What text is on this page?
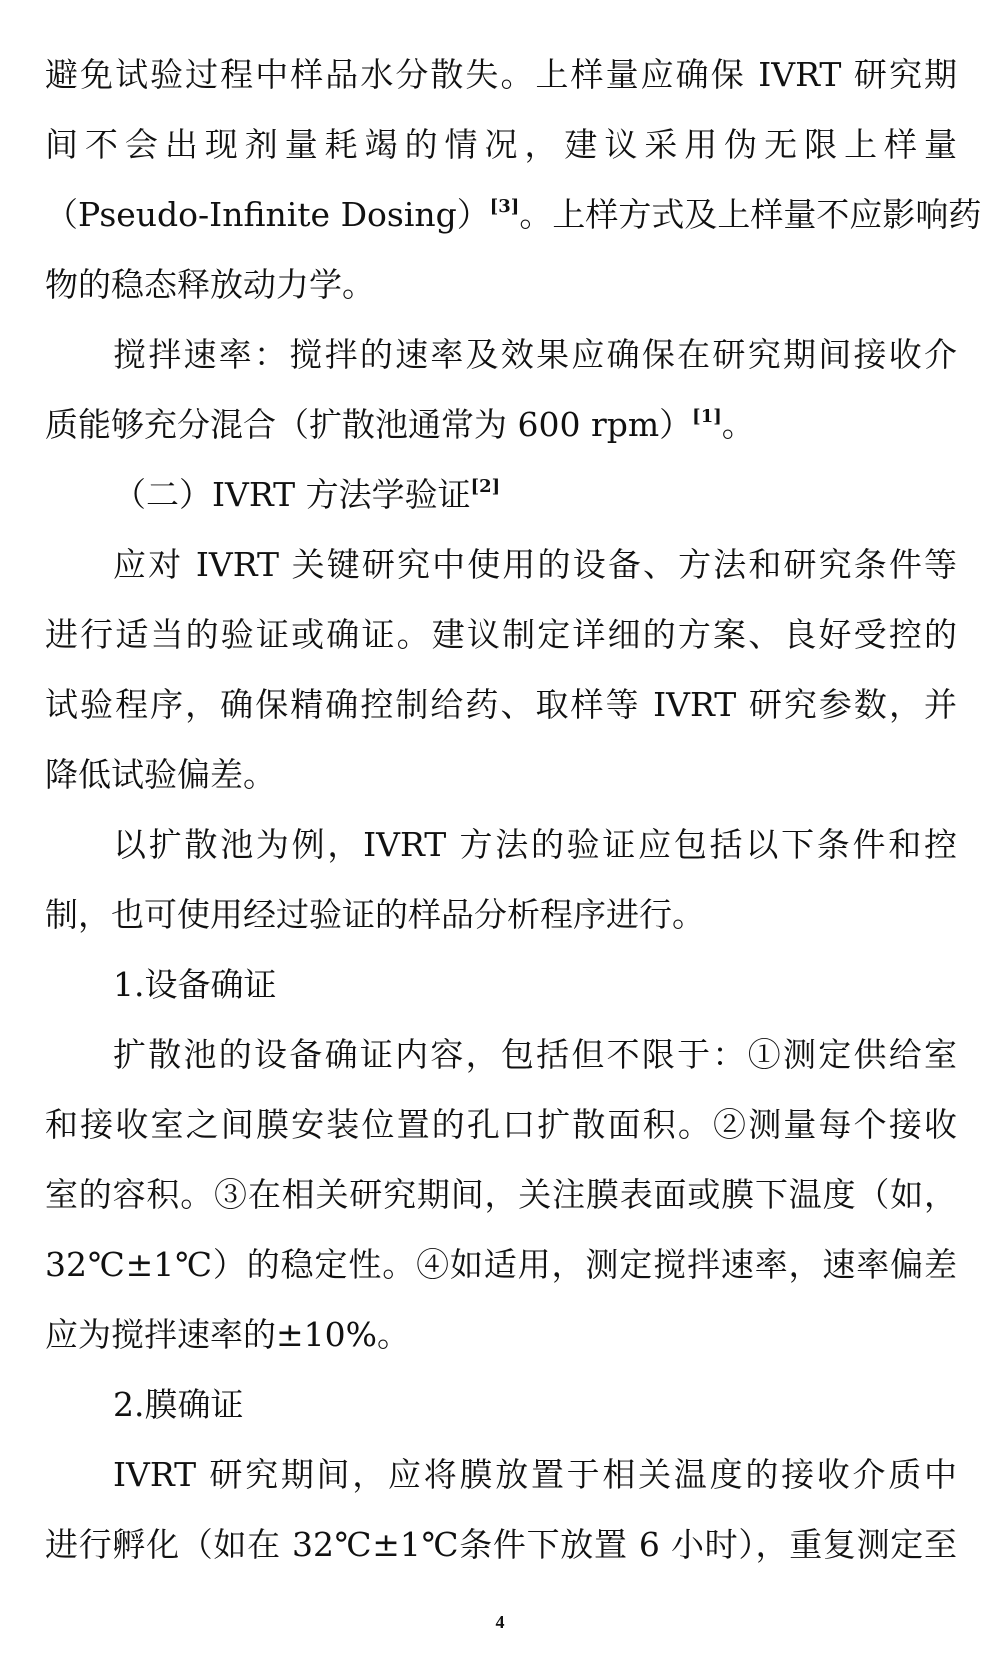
避免试验过程中样品水分散失。上样量应确保 IVRT 研究期
间不会出现剂量耗竭的情况，建议采用伪无限上样量
（Pseudo-Infinite Dosing）[3]。上样方式及上样量不应影响药
物的稳态释放动力学。
搅拌速率：搅拌的速率及效果应确保在研究期间接收介
质能够充分混合（扩散池通常为 600 rpm）[1]。
（二）IVRT 方法学验证[2]
应对 IVRT 关键研究中使用的设备、方法和研究条件等
进行适当的验证或确证。建议制定详细的方案、良好受控的
试验程序，确保精确控制给药、取样等 IVRT 研究参数，并
降低试验偏差。
以扩散池为例，IVRT 方法的验证应包括以下条件和控
制，也可使用经过验证的样品分析程序进行。
1.设备确证
扩散池的设备确证内容，包括但不限于：①测定供给室
和接收室之间膜安装位置的孔口扩散面积。②测量每个接收
室的容积。③在相关研究期间，关注膜表面或膜下温度（如，
32℃±1℃）的稳定性。④如适用，测定搅拌速率，速率偏差
应为搅拌速率的±10%。
2.膜确证
IVRT 研究期间，应将膜放置于相关温度的接收介质中
进行孵化（如在 32℃±1℃条件下放置 6 小时），重复测定至
4
